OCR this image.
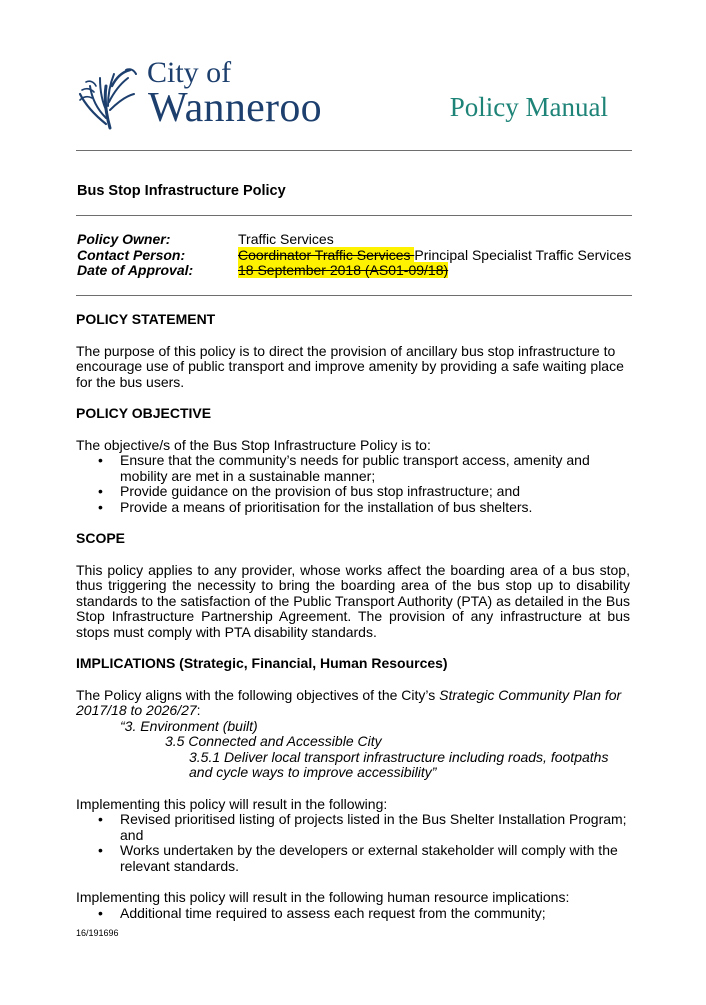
City of
Wanneroo	Policy Manual
Bus Stop Infrastructure Policy
Policy Owner:	Traffic Services
Contact Person:	Coordinator Traffic Services Principal Specialist Traffic Services
Date of Approval:	18 September 2018 (AS01-09/18)
POLICY STATEMENT

The purpose of this policy is to direct the provision of ancillary bus stop infrastructure to encourage use of public transport and improve amenity by providing a safe waiting place for the bus users.

POLICY OBJECTIVE

The objective/s of the Bus Stop Infrastructure Policy is to:

• Ensure that the community’s needs for public transport access, amenity and mobility are met in a sustainable manner;
• Provide guidance on the provision of bus stop infrastructure; and
• Provide a means of prioritisation for the installation of bus shelters.
SCOPE

This policy applies to any provider, whose works affect the boarding area of a bus stop, thus triggering the necessity to bring the boarding area of the bus stop up to disability standards to the satisfaction of the Public Transport Authority (PTA) as detailed in the Bus Stop Infrastructure Partnership Agreement. The provision of any infrastructure at bus stops must comply with PTA disability standards.

IMPLICATIONS (Strategic, Financial, Human Resources)

The Policy aligns with the following objectives of the City’s Strategic Community Plan for 2017/18 to 2026/27:

“3. Environment (built)
3.5 Connected and Accessible City
3.5.1 Deliver local transport infrastructure including roads, footpaths and cycle ways to improve accessibility”

Implementing this policy will result in the following:

• Revised prioritised listing of projects listed in the Bus Shelter Installation Program; and
• Works undertaken by the developers or external stakeholder will comply with the relevant standards.

Implementing this policy will result in the following human resource implications:

• Additional time required to assess each request from the community;
16/191696
